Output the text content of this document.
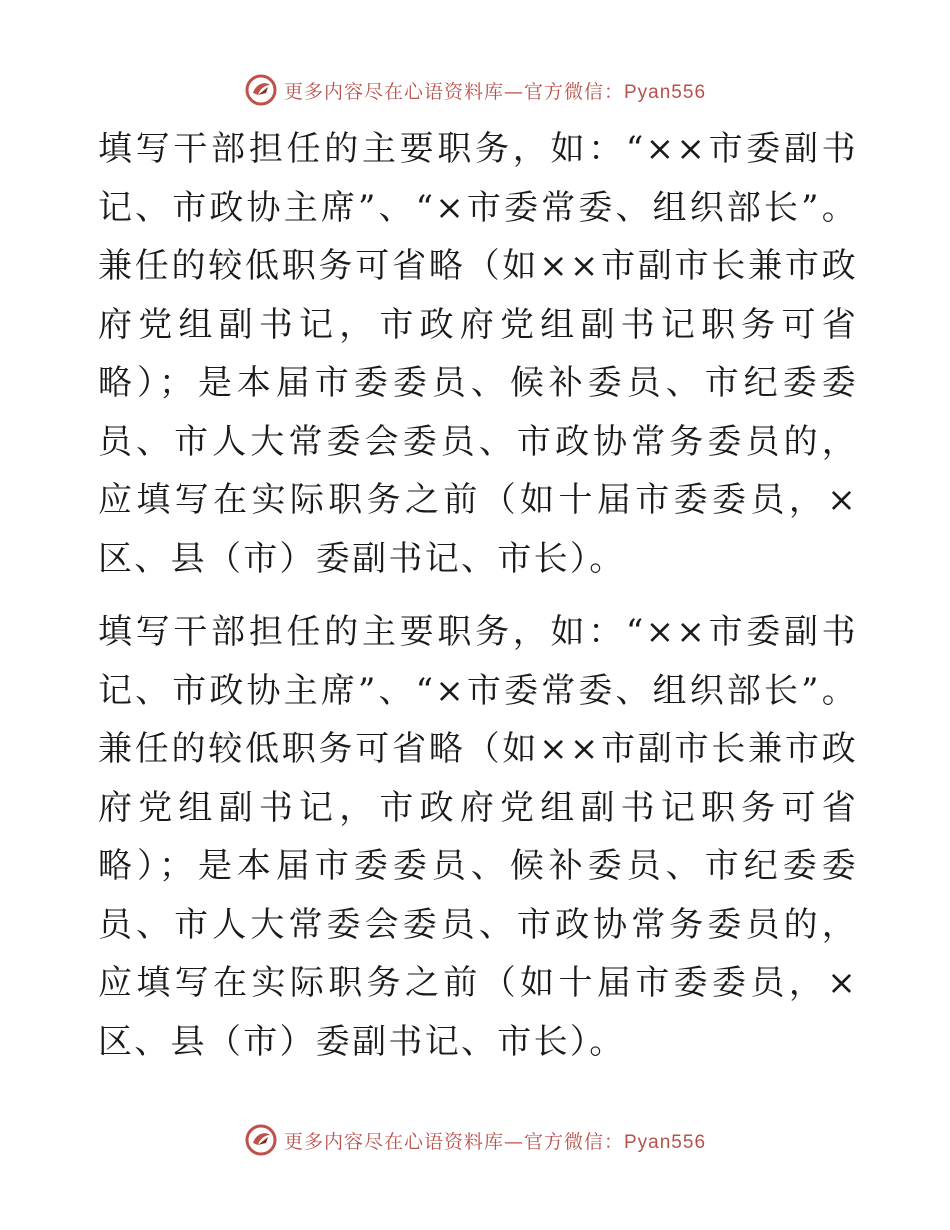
更多内容尽在心语资料库—官方微信：Pyan556

填写干部担任的主要职务，如：“××市委副书记、市政协主席”、“×市委常委、组织部长”。兼任的较低职务可省略（如××市副市长兼市政府党组副书记，市政府党组副书记职务可省略）；是本届市委委员、候补委员、市纪委委员、市人大常委会委员、市政协常务委员的，应填写在实际职务之前（如十届市委委员，×区、县（市）委副书记、市长）。

填写干部担任的主要职务，如：“××市委副书记、市政协主席”、“×市委常委、组织部长”。兼任的较低职务可省略（如××市副市长兼市政府党组副书记，市政府党组副书记职务可省略）；是本届市委委员、候补委员、市纪委委员、市人大常委会委员、市政协常务委员的，应填写在实际职务之前（如十届市委委员，×区、县（市）委副书记、市长）。

更多内容尽在心语资料库—官方微信：Pyan556
